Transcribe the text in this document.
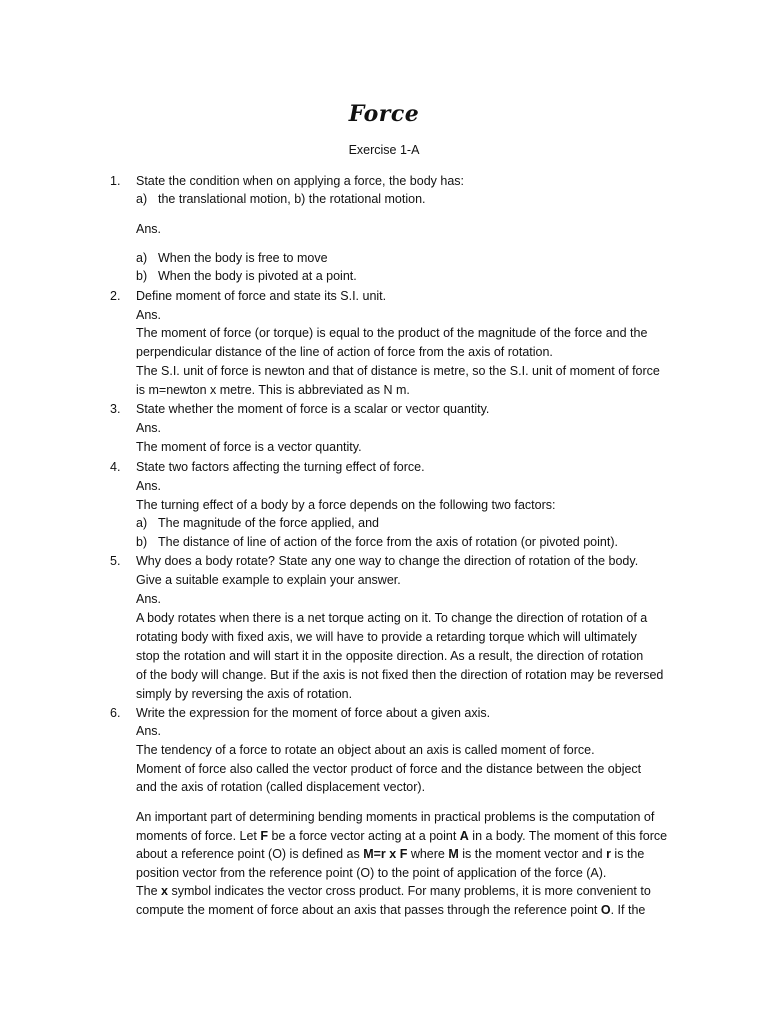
Force
Exercise 1-A
1. State the condition when on applying a force, the body has:
a) the translational motion, b) the rotational motion.
Ans.
a) When the body is free to move
b) When the body is pivoted at a point.
2. Define moment of force and state its S.I. unit.
Ans.
The moment of force (or torque) is equal to the product of the magnitude of the force and the
perpendicular distance of the line of action of force from the axis of rotation.
The S.I. unit of force is newton and that of distance is metre, so the S.I. unit of moment of force
is m=newton x metre. This is abbreviated as N m.
3. State whether the moment of force is a scalar or vector quantity.
Ans.
The moment of force is a vector quantity.
4. State two factors affecting the turning effect of force.
Ans.
The turning effect of a body by a force depends on the following two factors:
a) The magnitude of the force applied, and
b) The distance of line of action of the force from the axis of rotation (or pivoted point).
5. Why does a body rotate? State any one way to change the direction of rotation of the body.
Give a suitable example to explain your answer.
Ans.
A body rotates when there is a net torque acting on it. To change the direction of rotation of a
rotating body with fixed axis, we will have to provide a retarding torque which will ultimately
stop the rotation and will start it in the opposite direction. As a result, the direction of rotation
of the body will change. But if the axis is not fixed then the direction of rotation may be reversed
simply by reversing the axis of rotation.
6. Write the expression for the moment of force about a given axis.
Ans.
The tendency of a force to rotate an object about an axis is called moment of force.
Moment of force also called the vector product of force and the distance between the object
and the axis of rotation (called displacement vector).
An important part of determining bending moments in practical problems is the computation of
moments of force. Let F be a force vector acting at a point A in a body. The moment of this force
about a reference point (O) is defined as M=r x F where M is the moment vector and r is the
position vector from the reference point (O) to the point of application of the force (A).
The x symbol indicates the vector cross product. For many problems, it is more convenient to
compute the moment of force about an axis that passes through the reference point O. If the
